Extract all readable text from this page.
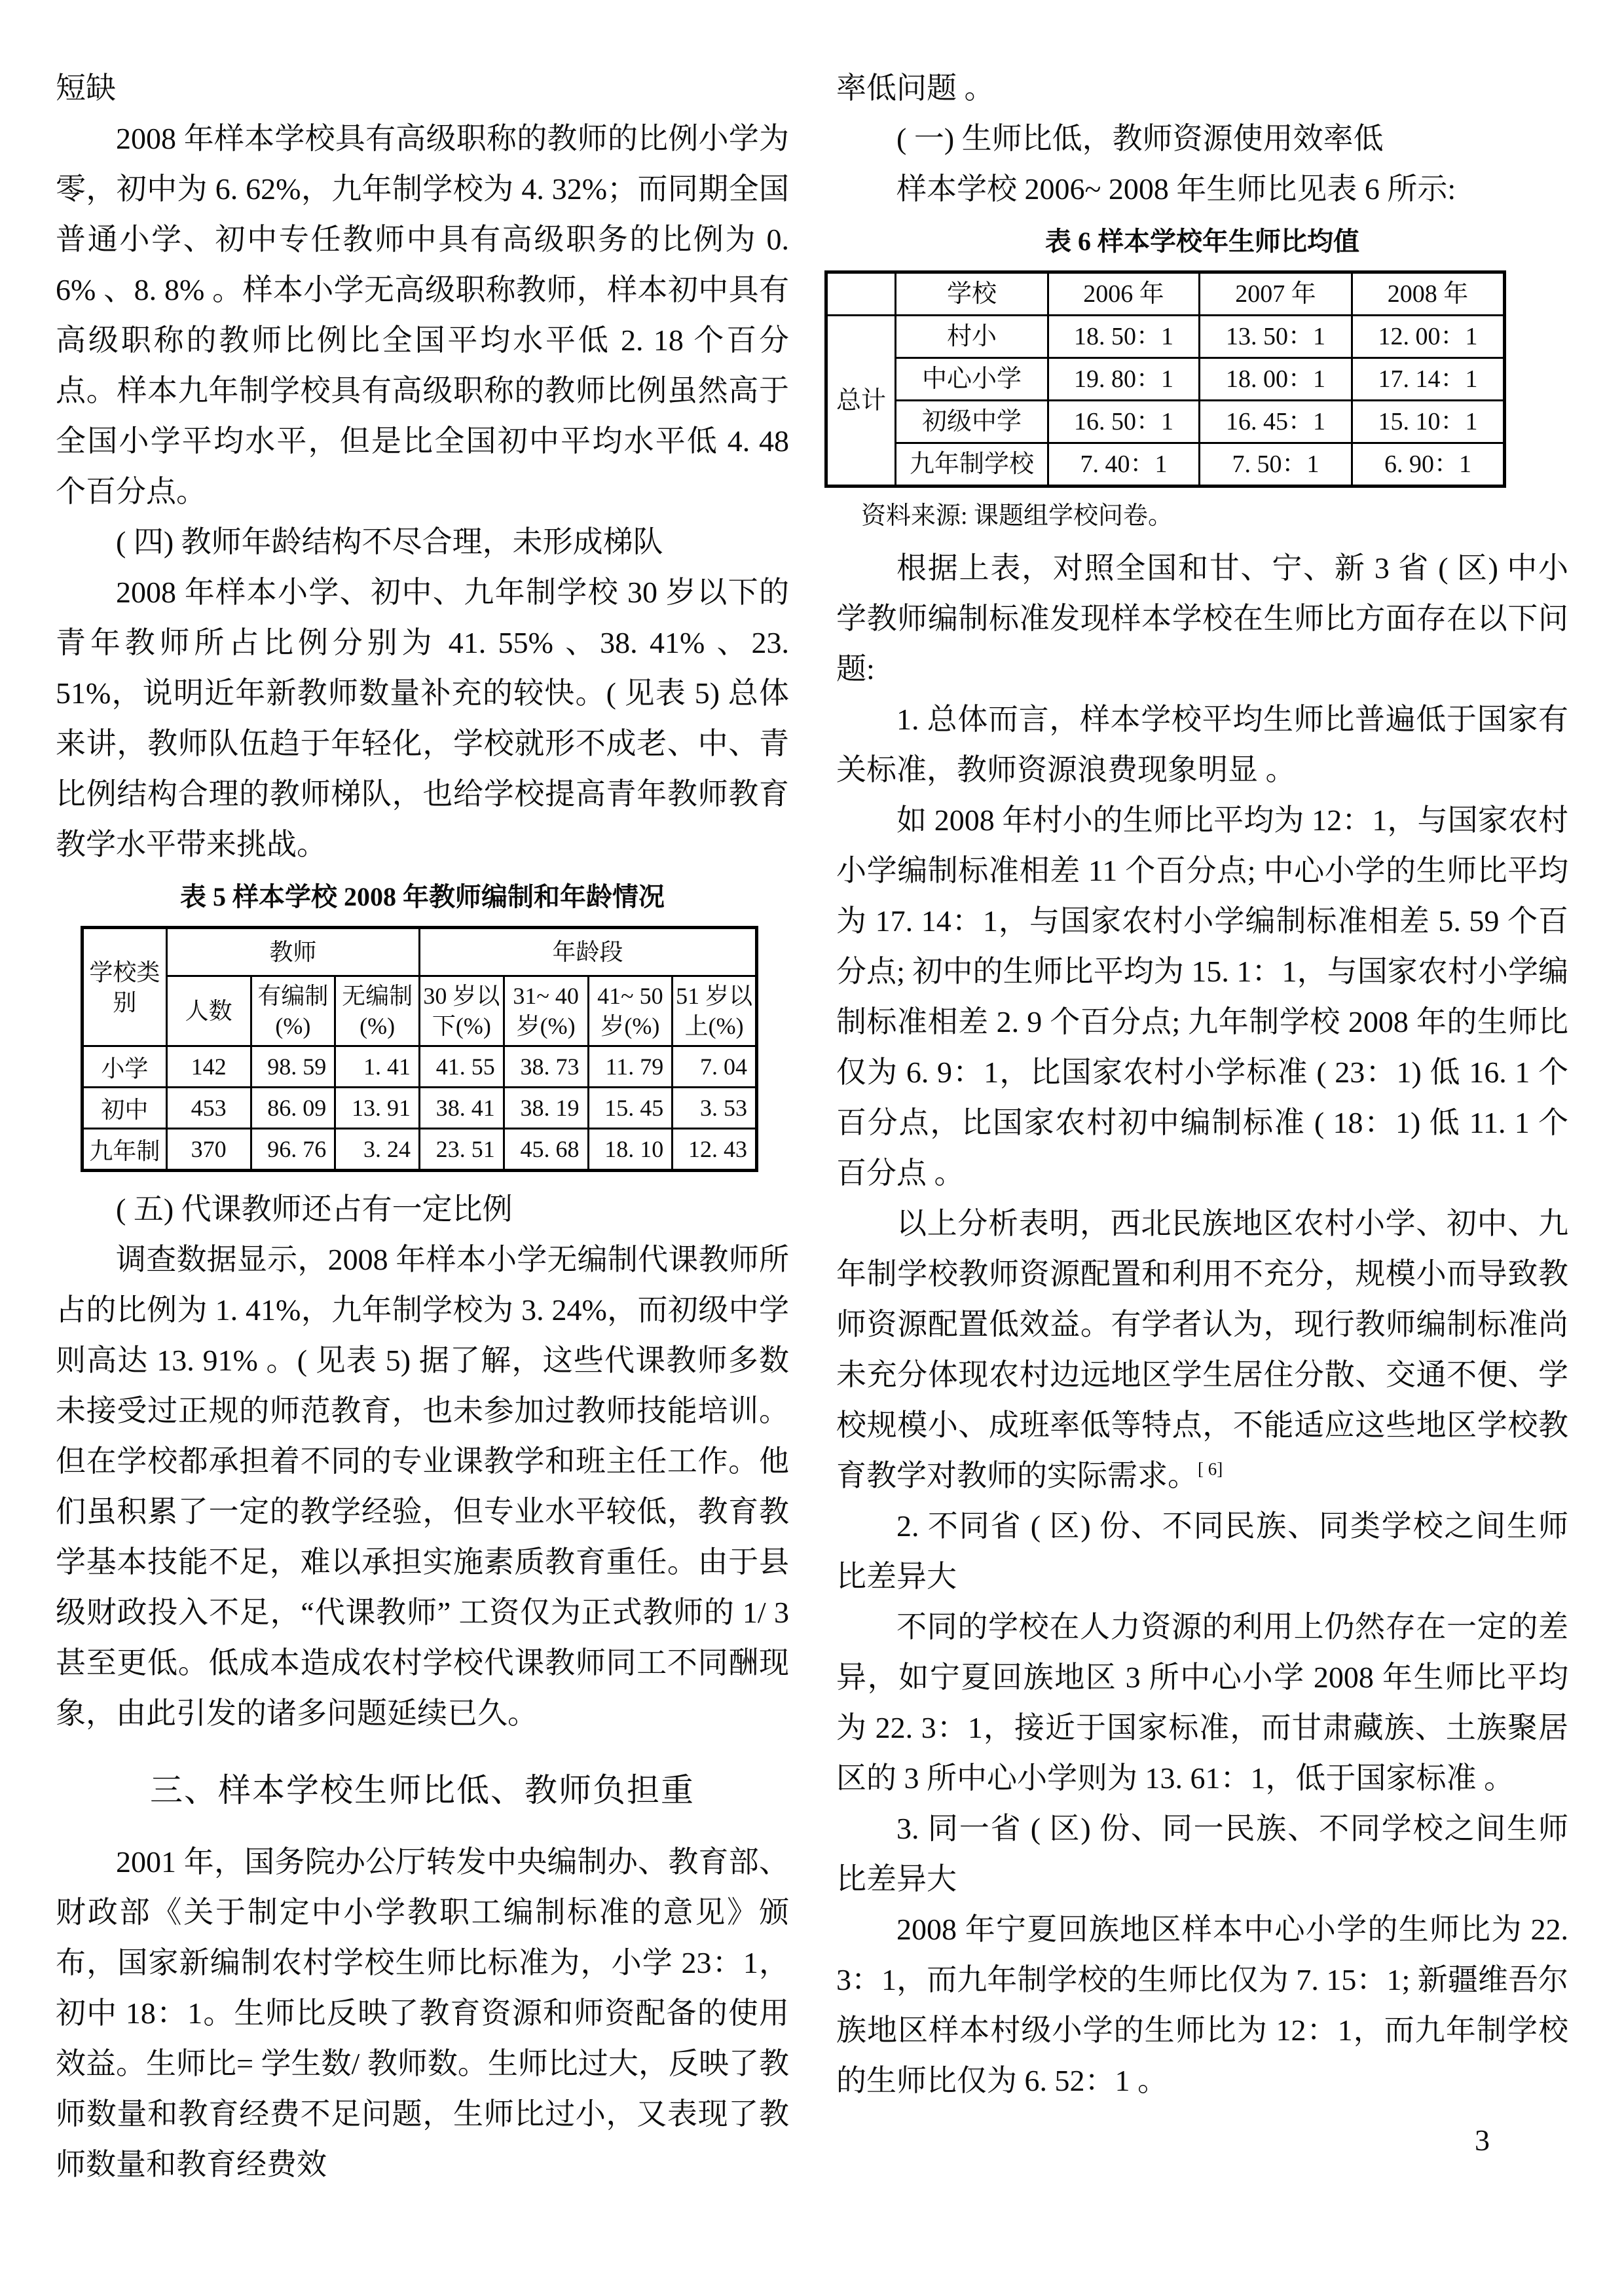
短缺

2008 年样本学校具有高级职称的教师的比例小学为零，初中为 6. 62%，九年制学校为 4. 32%；而同期全国普通小学、初中专任教师中具有高级职务的比例为 0. 6% 、8. 8% 。样本小学无高级职称教师，样本初中具有高级职称的教师比例比全国平均水平低 2. 18 个百分点。样本九年制学校具有高级职称的教师比例虽然高于全国小学平均水平，但是比全国初中平均水平低 4. 48 个百分点。

( 四) 教师年龄结构不尽合理，未形成梯队

2008 年样本小学、初中、九年制学校 30 岁以下的青年教师所占比例分别为 41. 55% 、38. 41% 、23. 51%，说明近年新教师数量补充的较快。( 见表 5) 总体来讲，教师队伍趋于年轻化，学校就形不成老、中、青比例结构合理的教师梯队，也给学校提高青年教师教育教学水平带来挑战。

表 5 样本学校 2008 年教师编制和年龄情况
学校类别	教师			年龄段			
	人数	有编制 (%)	无编制 (%)	30 岁以下(%)	31~ 40 岁(%)	41~ 50 岁(%)	51 岁以上(%)
小学	142	98. 59	1. 41	41. 55	38. 73	11. 79	7. 04
初中	453	86. 09	13. 91	38. 41	38. 19	15. 45	3. 53
九年制	370	96. 76	3. 24	23. 51	45. 68	18. 10	12. 43

( 五) 代课教师还占有一定比例

调查数据显示，2008 年样本小学无编制代课教师所占的比例为 1. 41%，九年制学校为 3. 24%，而初级中学则高达 13. 91% 。( 见表 5) 据了解，这些代课教师多数未接受过正规的师范教育，也未参加过教师技能培训。但在学校都承担着不同的专业课教学和班主任工作。他们虽积累了一定的教学经验，但专业水平较低，教育教学基本技能不足，难以承担实施素质教育重任。由于县级财政投入不足，“代课教师” 工资仅为正式教师的 1/ 3 甚至更低。低成本造成农村学校代课教师同工不同酬现象，由此引发的诸多问题延续已久。

三、样本学校生师比低、教师负担重

2001 年，国务院办公厅转发中央编制办、教育部、财政部《关于制定中小学教职工编制标准的意见》颁布，国家新编制农村学校生师比标准为，小学 23：1，初中 18：1。生师比反映了教育资源和师资配备的使用效益。生师比= 学生数/ 教师数。生师比过大，反映了教师数量和教育经费不足问题，生师比过小，又表现了教师数量和教育经费效

率低问题 。

( 一) 生师比低，教师资源使用效率低

样本学校 2006~ 2008 年生师比见表 6 所示:

表 6 样本学校年生师比均值
	学校	2006 年	2007 年	2008 年
总计	村小	18. 50：1	13. 50：1	12. 00：1
	中心小学	19. 80：1	18. 00：1	17. 14：1
	初级中学	16. 50：1	16. 45：1	15. 10：1
	九年制学校	7. 40：1	7. 50：1	6. 90：1
资料来源: 课题组学校问卷。

根据上表，对照全国和甘、宁、新 3 省 ( 区) 中小学教师编制标准发现样本学校在生师比方面存在以下问题:

1. 总体而言，样本学校平均生师比普遍低于国家有关标准，教师资源浪费现象明显 。

如 2008 年村小的生师比平均为 12：1，与国家农村小学编制标准相差 11 个百分点; 中心小学的生师比平均为 17. 14：1，与国家农村小学编制标准相差 5. 59 个百分点; 初中的生师比平均为 15. 1：1，与国家农村小学编制标准相差 2. 9 个百分点; 九年制学校 2008 年的生师比仅为 6. 9：1，比国家农村小学标准 ( 23：1) 低 16. 1 个百分点，比国家农村初中编制标准 ( 18：1) 低 11. 1 个百分点 。

以上分析表明，西北民族地区农村小学、初中、九年制学校教师资源配置和利用不充分，规模小而导致教师资源配置低效益。有学者认为，现行教师编制标准尚未充分体现农村边远地区学生居住分散、交通不便、学校规模小、成班率低等特点，不能适应这些地区学校教育教学对教师的实际需求。[ 6]

2. 不同省 ( 区) 份、不同民族、同类学校之间生师比差异大

不同的学校在人力资源的利用上仍然存在一定的差异，如宁夏回族地区 3 所中心小学 2008 年生师比平均为 22. 3：1，接近于国家标准，而甘肃藏族、土族聚居区的 3 所中心小学则为 13. 61：1，低于国家标准 。

3. 同一省 ( 区) 份、同一民族、不同学校之间生师比差异大

2008 年宁夏回族地区样本中心小学的生师比为 22. 3：1，而九年制学校的生师比仅为 7. 15：1; 新疆维吾尔族地区样本村级小学的生师比为 12：1，而九年制学校的生师比仅为 6. 52：1 。

3
